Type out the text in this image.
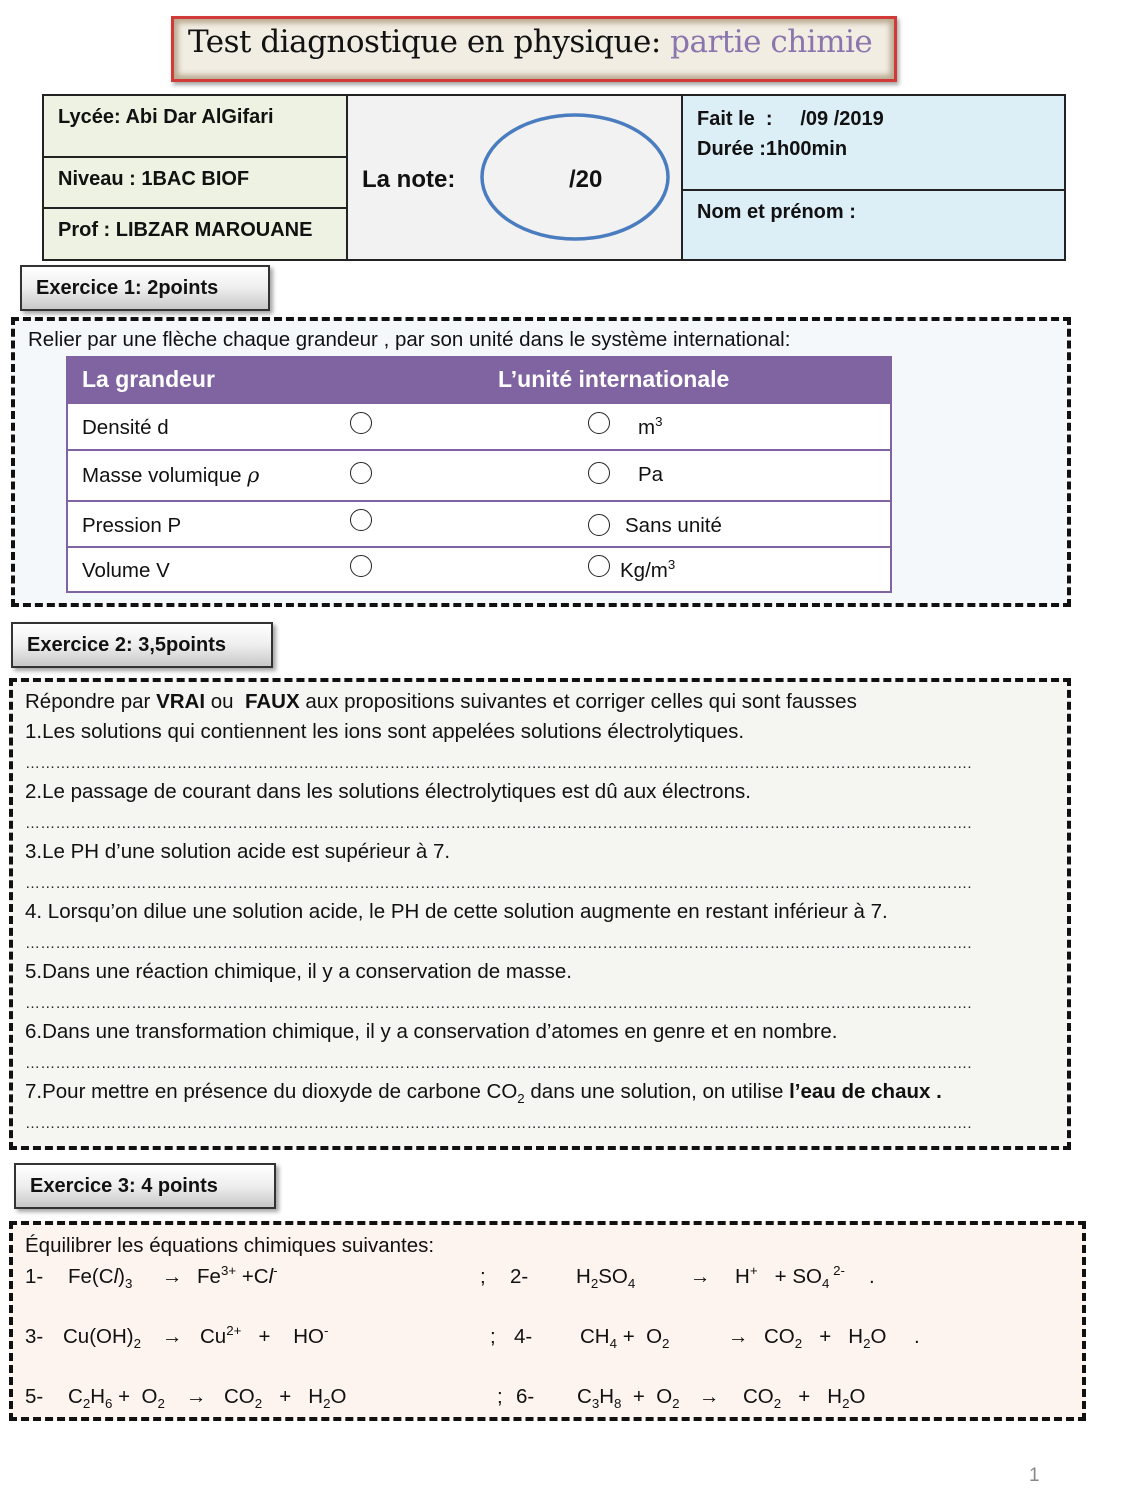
Test diagnostique en physique: partie chimie
Lycée: Abi Dar AlGifari
Niveau : 1BAC BIOF
Prof : LIBZAR MAROUANE
La note:	/20
Fait le  :     /09 /2019
Durée :1h00min
Nom et prénom :
Exercice 1: 2points
Relier par une flèche chaque grandeur , par son unité dans le système international:
La grandeur	L’unité internationale
Densité d	$m^3$
Masse volumique ρ	Pa
Pression P	Sans unité
Volume V	$Kg/m^3$
Exercice 2: 3,5points
Répondre par VRAI ou  FAUX aux propositions suivantes et corriger celles qui sont fausses
1.Les solutions qui contiennent les ions sont appelées solutions électrolytiques.
…………………………………………………………………………………………………………………………………………………………………….
2.Le passage de courant dans les solutions électrolytiques est dû aux électrons.
…………………………………………………………………………………………………………………………………………………………………….
3.Le PH d’une solution acide est supérieur à 7.
…………………………………………………………………………………………………………………………………………………………………….
4. Lorsqu’on dilue une solution acide, le PH de cette solution augmente en restant inférieur à 7.
…………………………………………………………………………………………………………………………………………………………………….
5.Dans une réaction chimique, il y a conservation de masse.
…………………………………………………………………………………………………………………………………………………………………….
6.Dans une transformation chimique, il y a conservation d’atomes en genre et en nombre.
…………………………………………………………………………………………………………………………………………………………………….
7.Pour mettre en présence du dioxyde de carbone $CO_2$ dans une solution, on utilise l’eau de chaux .
…………………………………………………………………………………………………………………………………………………………………….
Exercice 3: 4 points
Équilibrer les équations chimiques suivantes:
1- $Fe(Cl)_3 \to Fe^{3+} +Cl^-$	; 2- $H_2SO_4$	→ $H^+ + SO_4$ $^{2-}$ .
3- $Cu(OH)_2 \to Cu^{2+}$   +    HO-	; 4- $CH_4 + O_2$	→ $CO_2 + H_2O$ .
5- $C_2H_6 + O_2 \to CO_2 + H_2O$	; 6- $C_3H_8 + O_2 \to CO_2 + H_2O$
1
